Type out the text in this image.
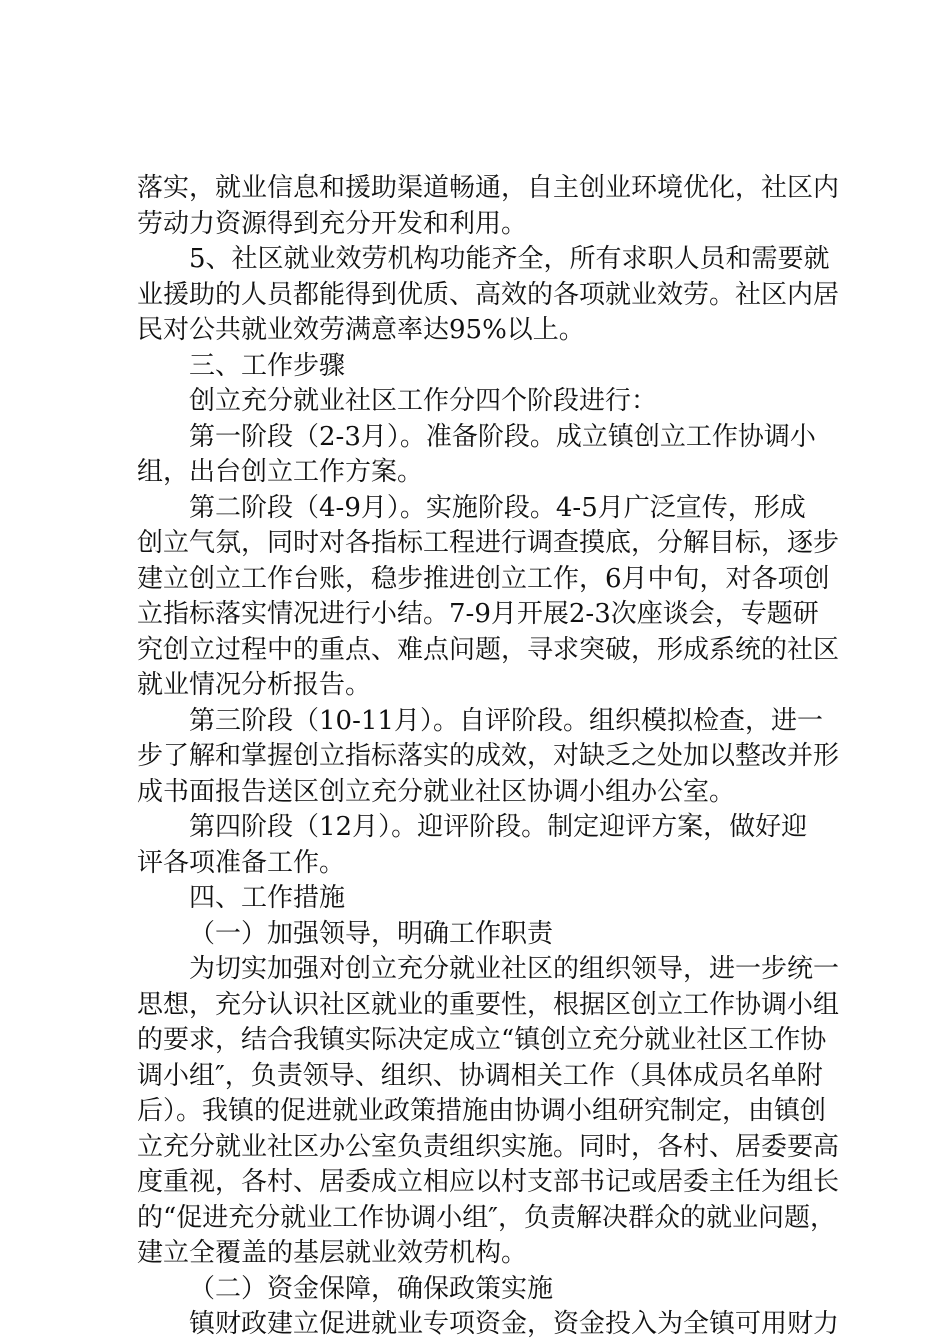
落实，就业信息和援助渠道畅通，自主创业环境优化，社区内
劳动力资源得到充分开发和利用。
5、社区就业效劳机构功能齐全，所有求职人员和需要就
业援助的人员都能得到优质、高效的各项就业效劳。社区内居
民对公共就业效劳满意率达95%以上。
三、工作步骤
创立充分就业社区工作分四个阶段进行：
第一阶段（2-3月）。准备阶段。成立镇创立工作协调小
组，出台创立工作方案。
第二阶段（4-9月）。实施阶段。4-5月广泛宣传，形成
创立气氛，同时对各指标工程进行调查摸底，分解目标，逐步
建立创立工作台账，稳步推进创立工作，6月中旬，对各项创
立指标落实情况进行小结。7-9月开展2-3次座谈会，专题研
究创立过程中的重点、难点问题，寻求突破，形成系统的社区
就业情况分析报告。
第三阶段（10-11月）。自评阶段。组织模拟检查，进一
步了解和掌握创立指标落实的成效，对缺乏之处加以整改并形
成书面报告送区创立充分就业社区协调小组办公室。
第四阶段（12月）。迎评阶段。制定迎评方案，做好迎
评各项准备工作。
四、工作措施
（一）加强领导，明确工作职责
为切实加强对创立充分就业社区的组织领导，进一步统一
思想，充分认识社区就业的重要性，根据区创立工作协调小组
的要求，结合我镇实际决定成立“镇创立充分就业社区工作协
调小组″，负责领导、组织、协调相关工作（具体成员名单附
后）。我镇的促进就业政策措施由协调小组研究制定，由镇创
立充分就业社区办公室负责组织实施。同时，各村、居委要高
度重视，各村、居委成立相应以村支部书记或居委主任为组长
的“促进充分就业工作协调小组″，负责解决群众的就业问题，
建立全覆盖的基层就业效劳机构。
（二）资金保障，确保政策实施
镇财政建立促进就业专项资金，资金投入为全镇可用财力
